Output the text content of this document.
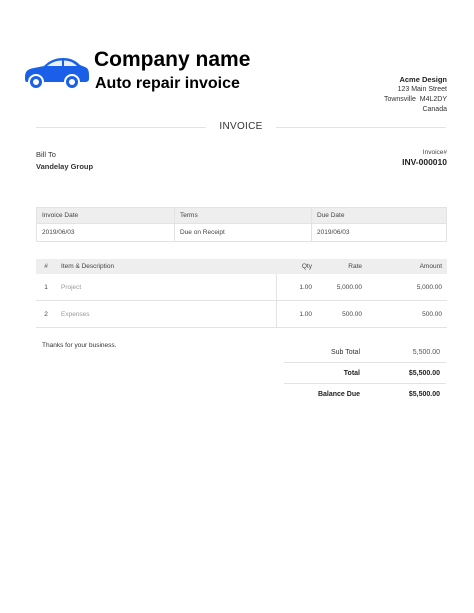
Company name
Auto repair invoice	Acme Design
123 Main Street
Townsville  M4L2DY
Canada
INVOICE
Bill To
Vandelay Group
Invoice#
INV-000010
Invoice Date	Terms	Due Date
2019/06/03	Due on Receipt	2019/06/03
#	Item & Description	Qty	Rate	Amount
1	Project	1.00	5,000.00	5,000.00
2	Expenses	1.00	500.00	500.00
Thanks for your business.
Sub Total	5,500.00
Total	$5,500.00
Balance Due	$5,500.00
